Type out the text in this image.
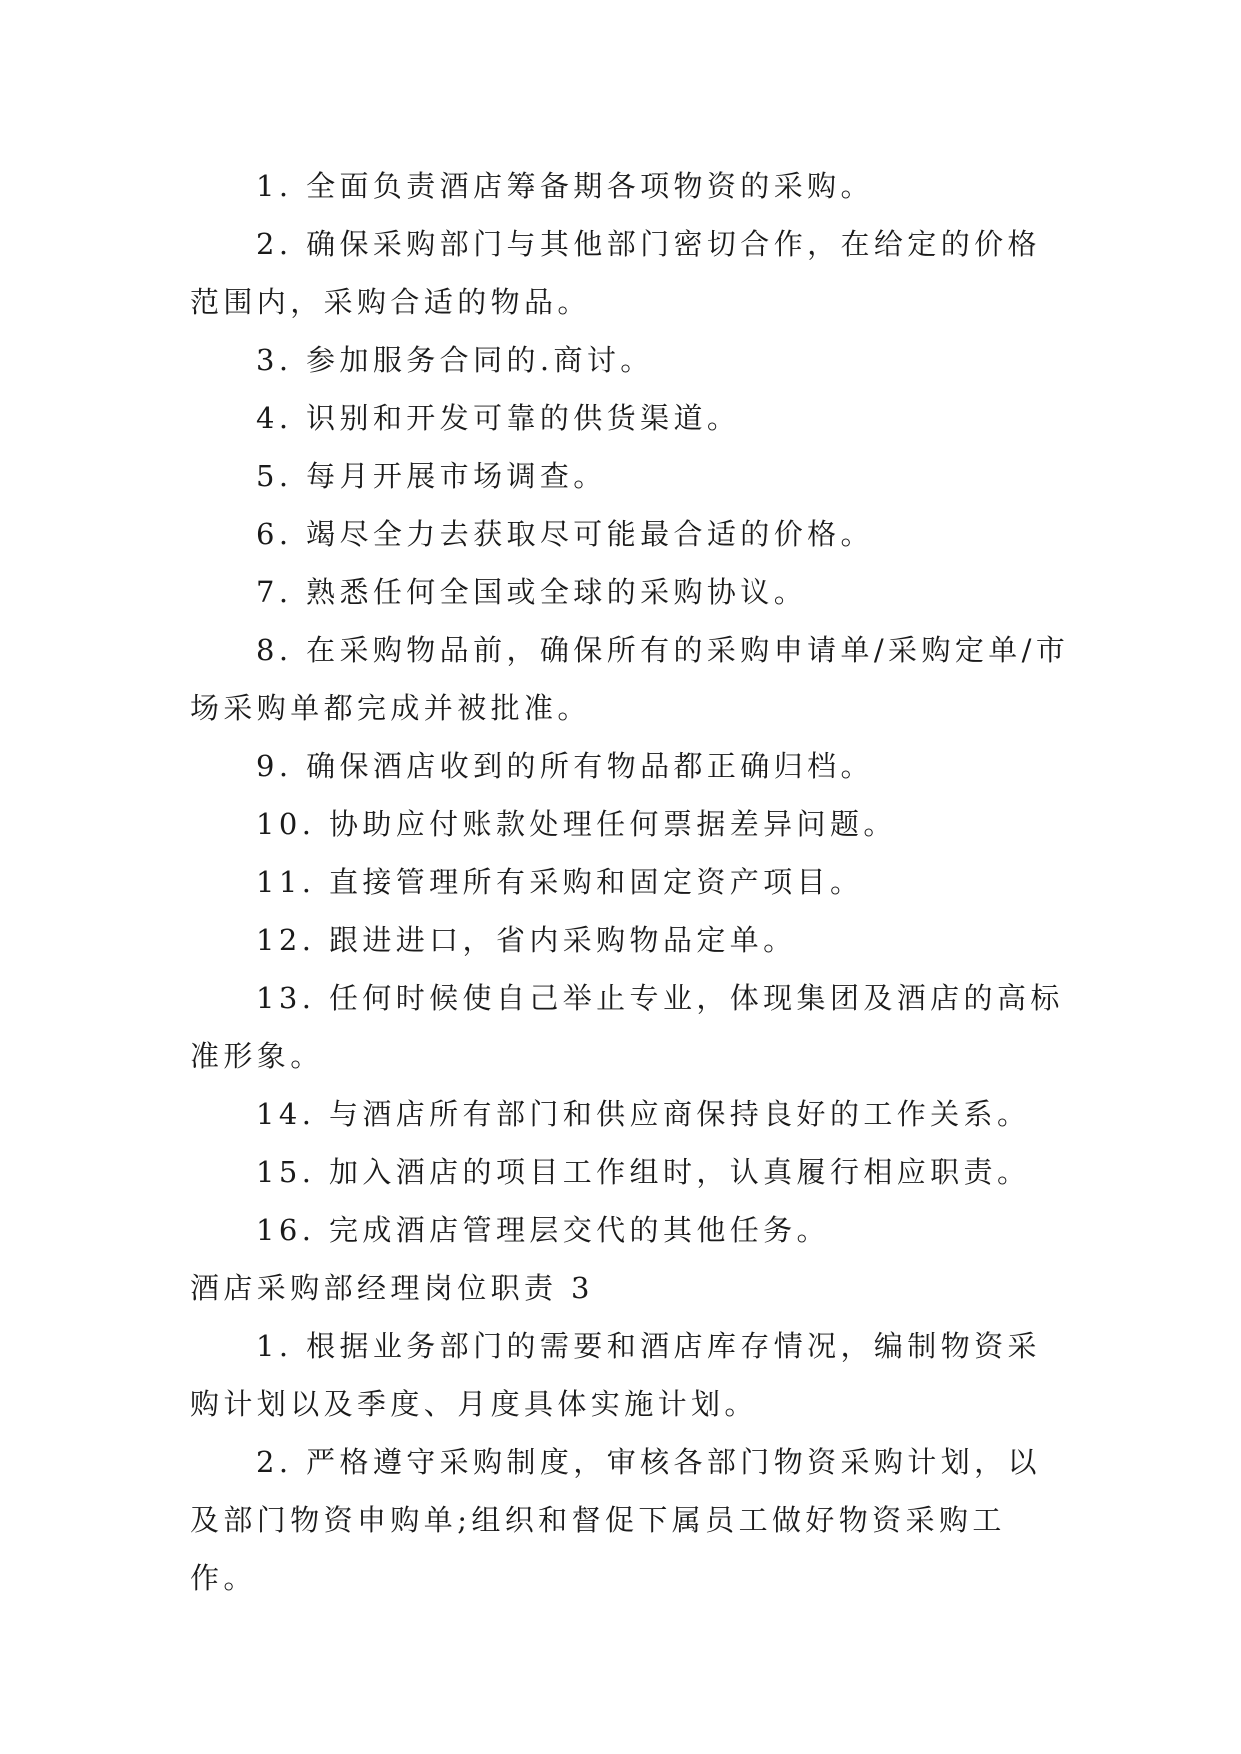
1. 全面负责酒店筹备期各项物资的采购。

2. 确保采购部门与其他部门密切合作，在给定的价格范围内，采购合适的物品。

3. 参加服务合同的.商讨。

4. 识别和开发可靠的供货渠道。

5. 每月开展市场调查。

6. 竭尽全力去获取尽可能最合适的价格。

7. 熟悉任何全国或全球的采购协议。

8. 在采购物品前，确保所有的采购申请单/采购定单/市场采购单都完成并被批准。

9. 确保酒店收到的所有物品都正确归档。

10. 协助应付账款处理任何票据差异问题。

11. 直接管理所有采购和固定资产项目。

12. 跟进进口，省内采购物品定单。

13. 任何时候使自己举止专业，体现集团及酒店的高标准形象。

14. 与酒店所有部门和供应商保持良好的工作关系。

15. 加入酒店的项目工作组时，认真履行相应职责。

16. 完成酒店管理层交代的其他任务。

酒店采购部经理岗位职责 3

1. 根据业务部门的需要和酒店库存情况，编制物资采购计划以及季度、月度具体实施计划。

2. 严格遵守采购制度，审核各部门物资采购计划，以及部门物资申购单;组织和督促下属员工做好物资采购工作。
